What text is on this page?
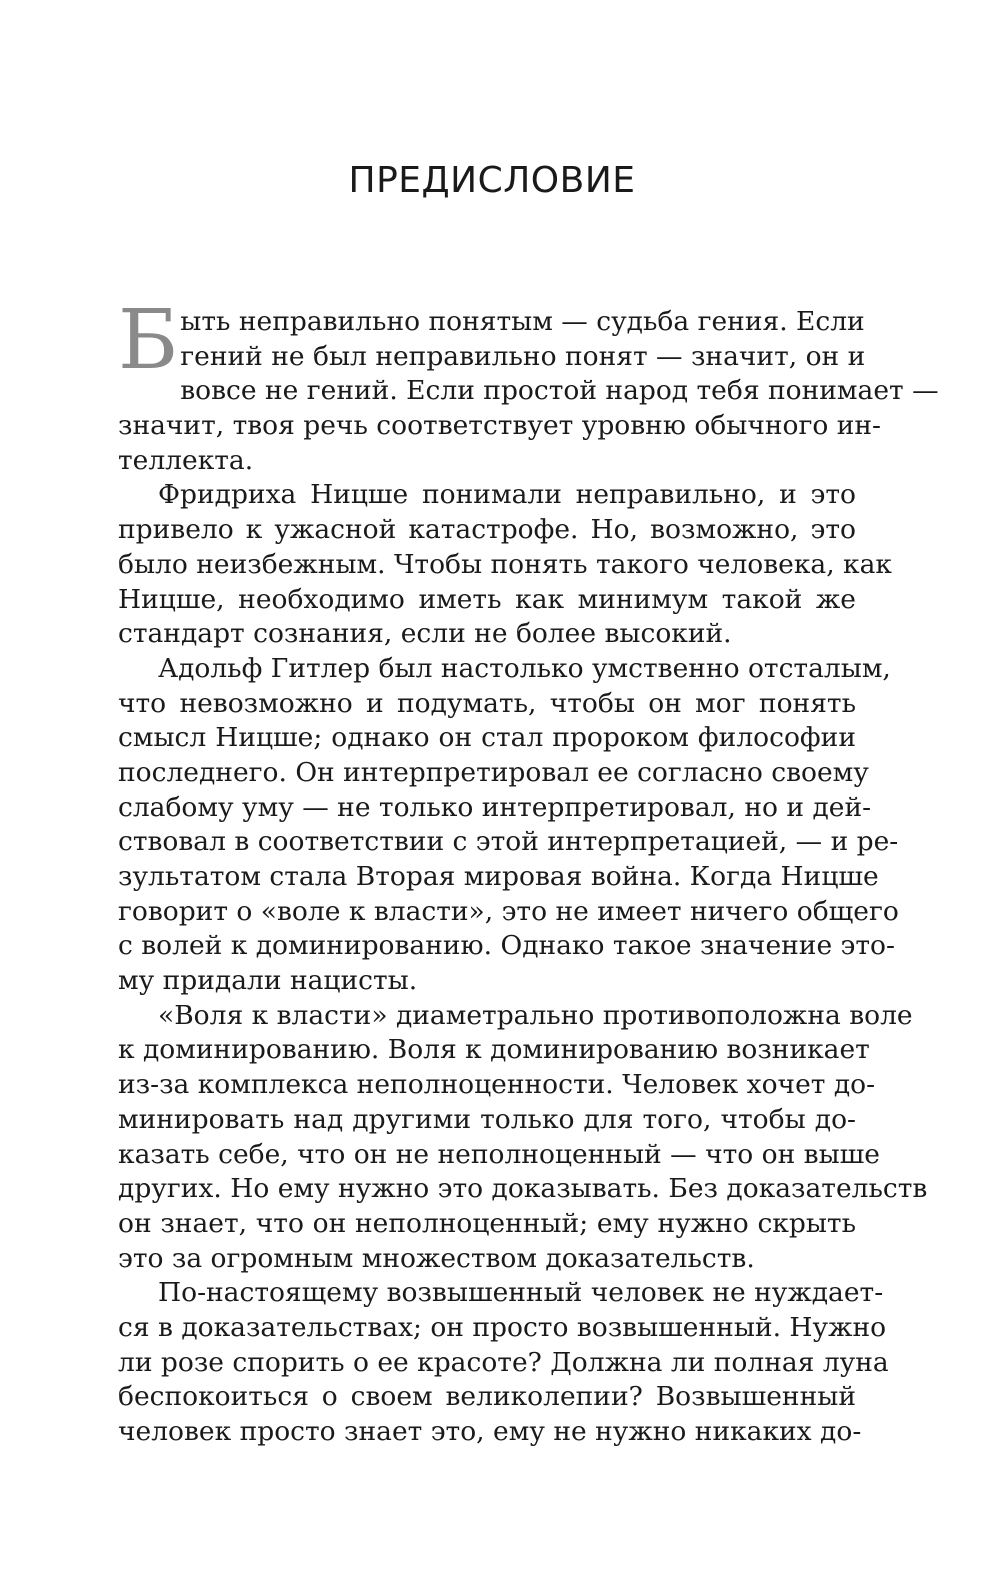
ПРЕДИСЛОВИЕ
Б ыть неправильно понятым — судьба гения. Если
гений не был неправильно понят — значит, он и
вовсе не гений. Если простой народ тебя понимает —
значит, твоя речь соответствует уровню обычного ин-
теллекта.
Фридриха Ницше понимали неправильно, и это
привело к ужасной катастрофе. Но, возможно, это
было неизбежным. Чтобы понять такого человека, как
Ницше, необходимо иметь как минимум такой же
стандарт сознания, если не более высокий.
Адольф Гитлер был настолько умственно отсталым,
что невозможно и подумать, чтобы он мог понять
смысл Ницше; однако он стал пророком философии
последнего. Он интерпретировал ее согласно своему
слабому уму — не только интерпретировал, но и дей-
ствовал в соответствии с этой интерпретацией, — и ре-
зультатом стала Вторая мировая война. Когда Ницше
говорит о «воле к власти», это не имеет ничего общего
с волей к доминированию. Однако такое значение это-
му придали нацисты.
«Воля к власти» диаметрально противоположна воле
к доминированию. Воля к доминированию возникает
из-за комплекса неполноценности. Человек хочет до-
минировать над другими только для того, чтобы до-
казать себе, что он не неполноценный — что он выше
других. Но ему нужно это доказывать. Без доказательств
он знает, что он неполноценный; ему нужно скрыть
это за огромным множеством доказательств.
По-настоящему возвышенный человек не нуждает-
ся в доказательствах; он просто возвышенный. Нужно
ли розе спорить о ее красоте? Должна ли полная луна
беспокоиться о своем великолепии? Возвышенный
человек просто знает это, ему не нужно никаких до-
